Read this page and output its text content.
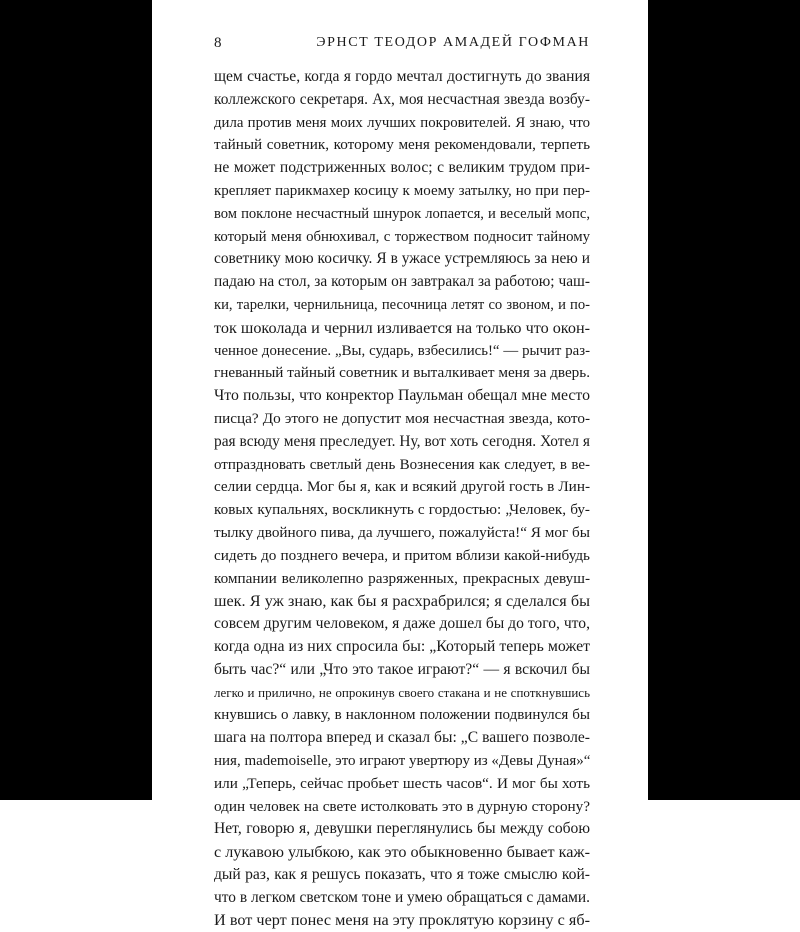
8	ЭРНСТ ТЕОДОР АМАДЕЙ ГОФМАН
щем счастье, когда я гордо мечтал достигнуть до звания
коллежского секретаря. Ах, моя несчастная звезда возбу-
дила против меня моих лучших покровителей. Я знаю, что
тайный советник, которому меня рекомендовали, терпеть
не может подстриженных волос; с великим трудом при-
крепляет парикмахер косицу к моему затылку, но при пер-
вом поклоне несчастный шнурок лопается, и веселый мопс,
который меня обнюхивал, с торжеством подносит тайному
советнику мою косичку. Я в ужасе устремляюсь за нею и
падаю на стол, за которым он завтракал за работою; чаш-
ки, тарелки, чернильница, песочница летят со звоном, и по-
ток шоколада и чернил изливается на только что окон-
ченное донесение. „Вы, сударь, взбесились!“ — рычит раз-
гневанный тайный советник и выталкивает меня за дверь.
Что пользы, что конректор Паульман обещал мне место
писца? До этого не допустит моя несчастная звезда, кото-
рая всюду меня преследует. Ну, вот хоть сегодня. Хотел я
отпраздновать светлый день Вознесения как следует, в ве-
селии сердца. Мог бы я, как и всякий другой гость в Лин-
ковых купальнях, воскликнуть с гордостью: „Человек, бу-
тылку двойного пива, да лучшего, пожалуйста!“ Я мог бы
сидеть до позднего вечера, и притом вблизи какой-нибудь
компании великолепно разряженных, прекрасных девуш-
шек. Я уж знаю, как бы я расхрабрился; я сделался бы
совсем другим человеком, я даже дошел бы до того, что,
когда одна из них спросила бы: „Который теперь может
быть час?“ или „Что это такое играют?“ — я вскочил бы
легко и прилично, не опрокинув своего стакана и не споткнувшись
кнувшись о лавку, в наклонном положении подвинулся бы
шага на полтора вперед и сказал бы: „С вашего позволе-
ния, mademoiselle, это играют увертюру из «Девы Дуная»“
или „Теперь, сейчас пробьет шесть часов“. И мог бы хоть
один человек на свете истолковать это в дурную сторону?
Нет, говорю я, девушки переглянулись бы между собою
с лукавою улыбкою, как это обыкновенно бывает каж-
дый раз, как я решусь показать, что я тоже смыслю кой-
что в легком светском тоне и умею обращаться с дамами.
И вот черт понес меня на эту проклятую корзину с яб-
